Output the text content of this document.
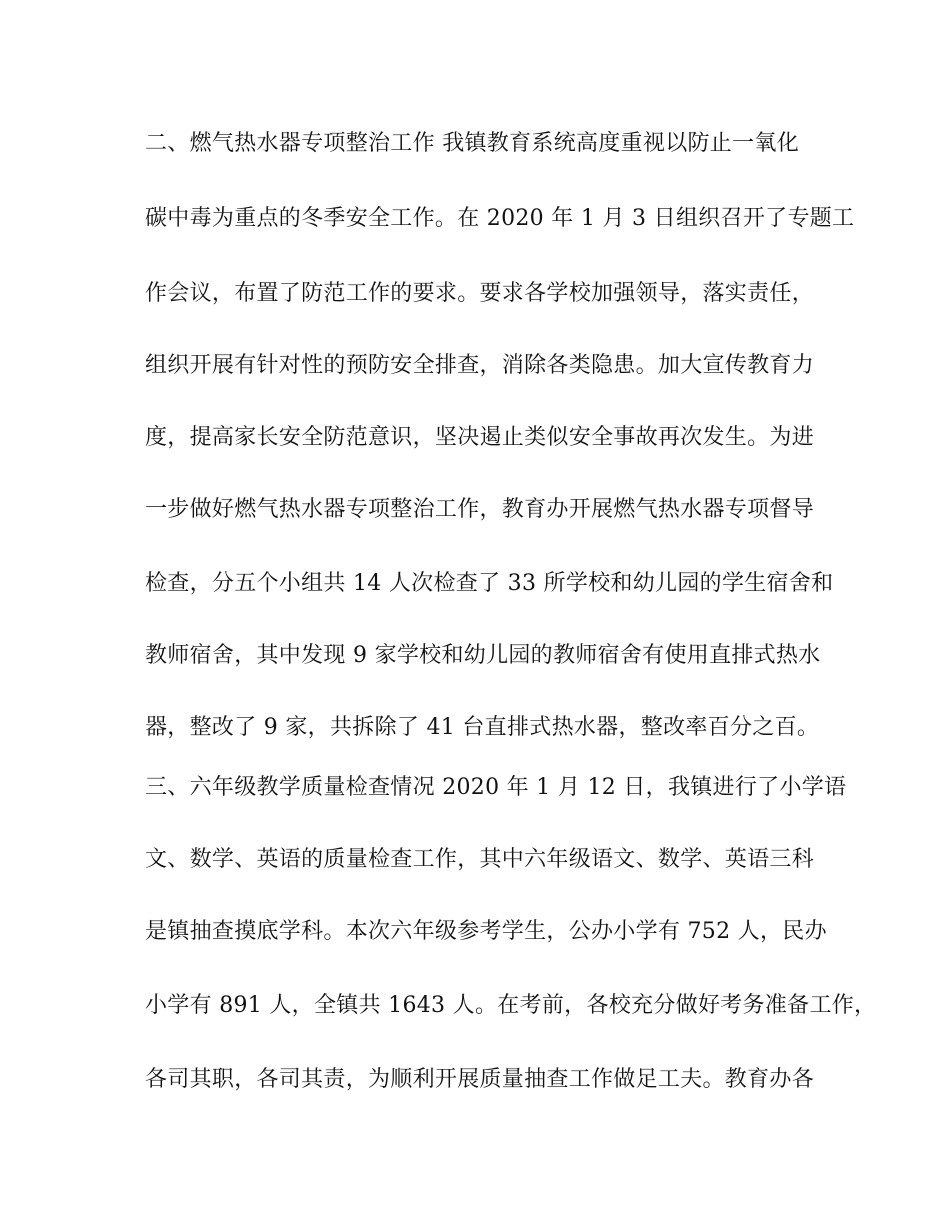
二、燃气热水器专项整治工作 我镇教育系统高度重视以防止一氧化
碳中毒为重点的冬季安全工作。在 2020 年 1 月 3 日组织召开了专题工
作会议，布置了防范工作的要求。要求各学校加强领导，落实责任，
组织开展有针对性的预防安全排查，消除各类隐患。加大宣传教育力
度，提高家长安全防范意识，坚决遏止类似安全事故再次发生。为进
一步做好燃气热水器专项整治工作，教育办开展燃气热水器专项督导
检查，分五个小组共 14 人次检查了 33 所学校和幼儿园的学生宿舍和
教师宿舍，其中发现 9 家学校和幼儿园的教师宿舍有使用直排式热水
器，整改了 9 家，共拆除了 41 台直排式热水器，整改率百分之百。
三、六年级教学质量检查情况 2020 年 1 月 12 日，我镇进行了小学语
文、数学、英语的质量检查工作，其中六年级语文、数学、英语三科
是镇抽查摸底学科。本次六年级参考学生，公办小学有 752 人，民办
小学有 891 人，全镇共 1643 人。在考前，各校充分做好考务准备工作，
各司其职，各司其责，为顺利开展质量抽查工作做足工夫。教育办各
